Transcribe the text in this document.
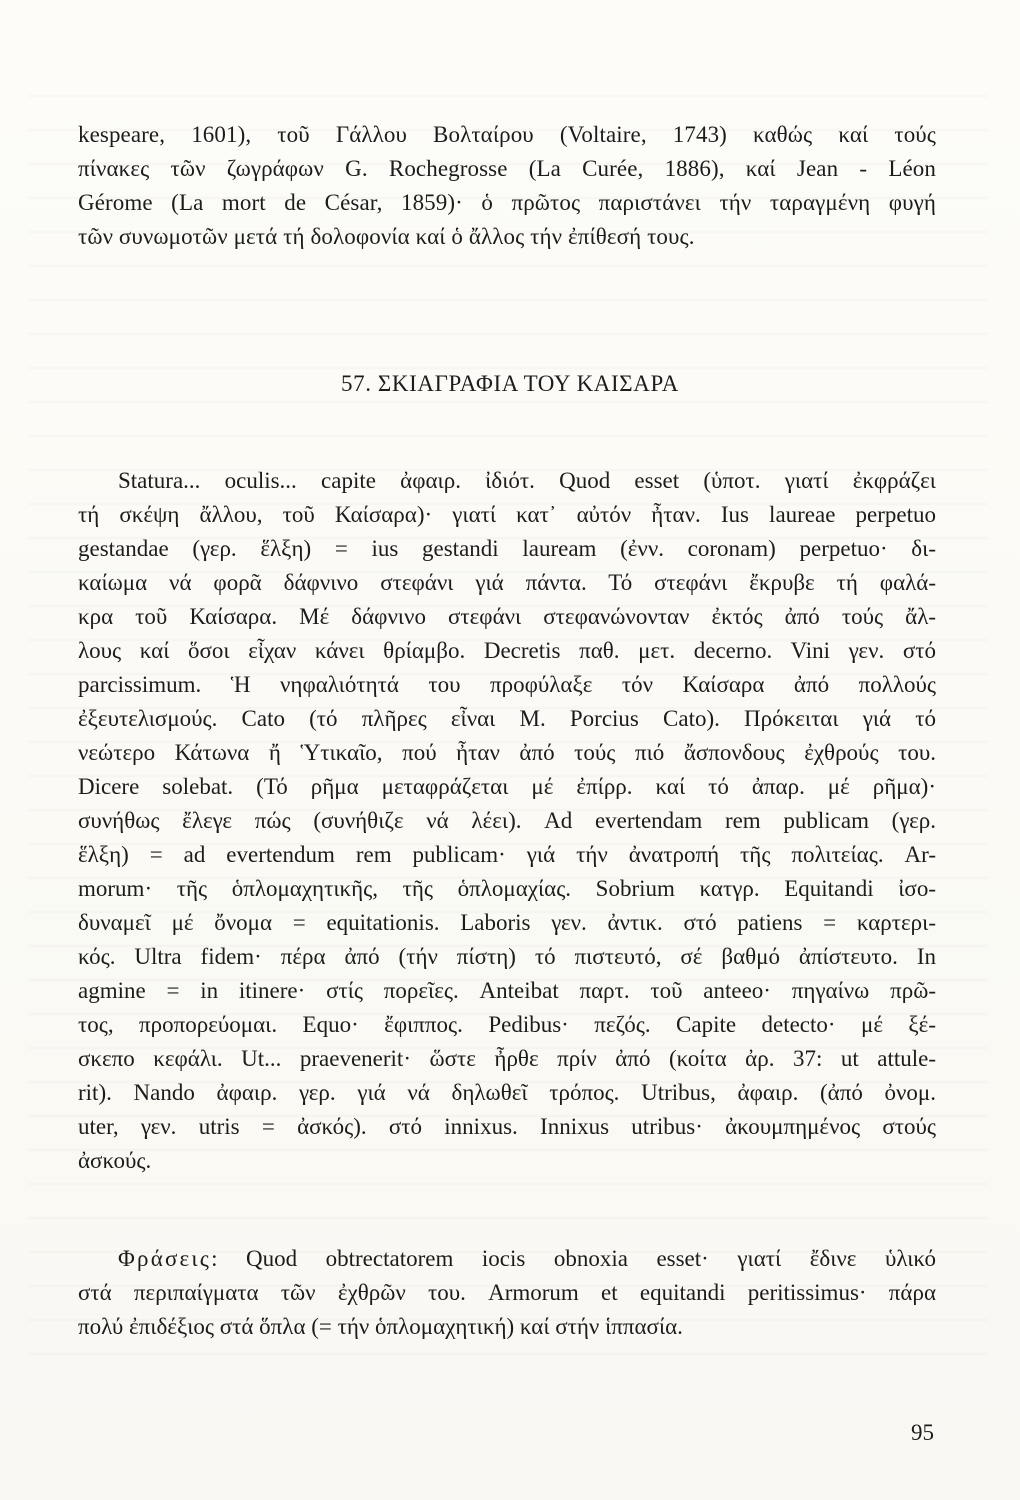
kespeare, 1601), τοῦ Γάλλου Βολταίρου (Voltaire, 1743) καθώς καί τούς
πίνακες τῶν ζωγράφων G. Rochegrosse (La Curée, 1886), καί Jean - Léon
Gérome (La mort de César, 1859)· ὁ πρῶτος παριστάνει τήν ταραγμένη φυγή
τῶν συνωμοτῶν μετά τή δολοφονία καί ὁ ἄλλος τήν ἐπίθεσή τους.
57. ΣΚΙΑΓΡΑΦΙΑ ΤΟΥ ΚΑΙΣΑΡΑ
Statura... oculis... capite ἀφαιρ. ἰδιότ. Quod esset (ὑποτ. γιατί ἐκφράζει
τή σκέψη ἄλλου, τοῦ Καίσαρα)· γιατί κατ᾽ αὐτόν ἦταν. Ius laureae perpetuo
gestandae (γερ. ἕλξη) = ius gestandi lauream (ἐνν. coronam) perpetuo· δι-
καίωμα νά φορᾶ δάφνινο στεφάνι γιά πάντα. Τό στεφάνι ἔκρυβε τή φαλά-
κρα τοῦ Καίσαρα. Μέ δάφνινο στεφάνι στεφανώνονταν ἐκτός ἀπό τούς ἄλ-
λους καί ὅσοι εἶχαν κάνει θρίαμβο. Decretis παθ. μετ. decerno. Vini γεν. στό
parcissimum. Ἡ νηφαλιότητά του προφύλαξε τόν Καίσαρα ἀπό πολλούς
ἐξευτελισμούς. Cato (τό πλῆρες εἶναι Μ. Porcius Cato). Πρόκειται γιά τό
νεώτερο Κάτωνα ἤ Ὑτικαῖο, πού ἦταν ἀπό τούς πιό ἄσπονδους ἐχθρούς του.
Dicere solebat. (Τό ρῆμα μεταφράζεται μέ ἐπίρρ. καί τό ἀπαρ. μέ ρῆμα)·
συνήθως ἔλεγε πώς (συνήθιζε νά λέει). Ad evertendam rem publicam (γερ.
ἕλξη) = ad evertendum rem publicam· γιά τήν ἀνατροπή τῆς πολιτείας. Ar-
morum· τῆς ὁπλομαχητικῆς, τῆς ὁπλομαχίας. Sobrium κατγρ. Equitandi ἰσο-
δυναμεῖ μέ ὄνομα = equitationis. Laboris γεν. ἀντικ. στό patiens = καρτερι-
κός. Ultra fidem· πέρα ἀπό (τήν πίστη) τό πιστευτό, σέ βαθμό ἀπίστευτο. In
agmine = in itinere· στίς πορεῖες. Anteibat παρτ. τοῦ anteeo· πηγαίνω πρῶ-
τος, προπορεύομαι. Equo· ἔφιππος. Pedibus· πεζός. Capite detecto· μέ ξέ-
σκεπο κεφάλι. Ut... praevenerit· ὥστε ἦρθε πρίν ἀπό (κοίτα ἀρ. 37: ut attule-
rit). Nando ἀφαιρ. γερ. γιά νά δηλωθεῖ τρόπος. Utribus, ἀφαιρ. (ἀπό ὀνομ.
uter, γεν. utris = ἀσκός). στό innixus. Innixus utribus· ἀκουμπημένος στούς
ἀσκούς.
Φράσεις: Quod obtrectatorem iocis obnoxia esset· γιατί ἔδινε ὑλικό
στά περιπαίγματα τῶν ἐχθρῶν του. Armorum et equitandi peritissimus· πάρα
πολύ ἐπιδέξιος στά ὅπλα (= τήν ὁπλομαχητική) καί στήν ἱππασία.
95
